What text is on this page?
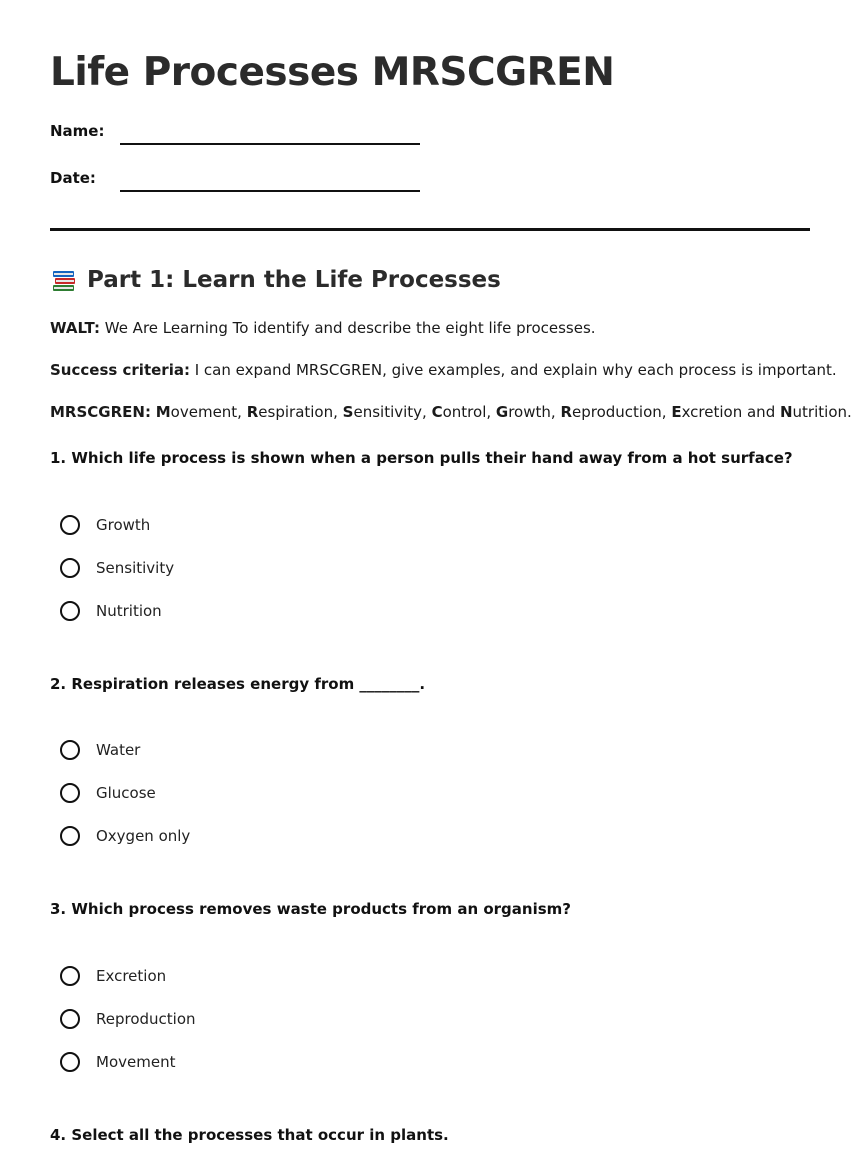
Life Processes MRSCGREN
Name:
Date:
Part 1: Learn the Life Processes
WALT: We Are Learning To identify and describe the eight life processes.
Success criteria: I can expand MRSCGREN, give examples, and explain why each process is important.
MRSCGREN: Movement, Respiration, Sensitivity, Control, Growth, Reproduction, Excretion and Nutrition.
1. Which life process is shown when a person pulls their hand away from a hot surface?
Growth
Sensitivity
Nutrition
2. Respiration releases energy from ________.
Water
Glucose
Oxygen only
3. Which process removes waste products from an organism?
Excretion
Reproduction
Movement
4. Select all the processes that occur in plants.
